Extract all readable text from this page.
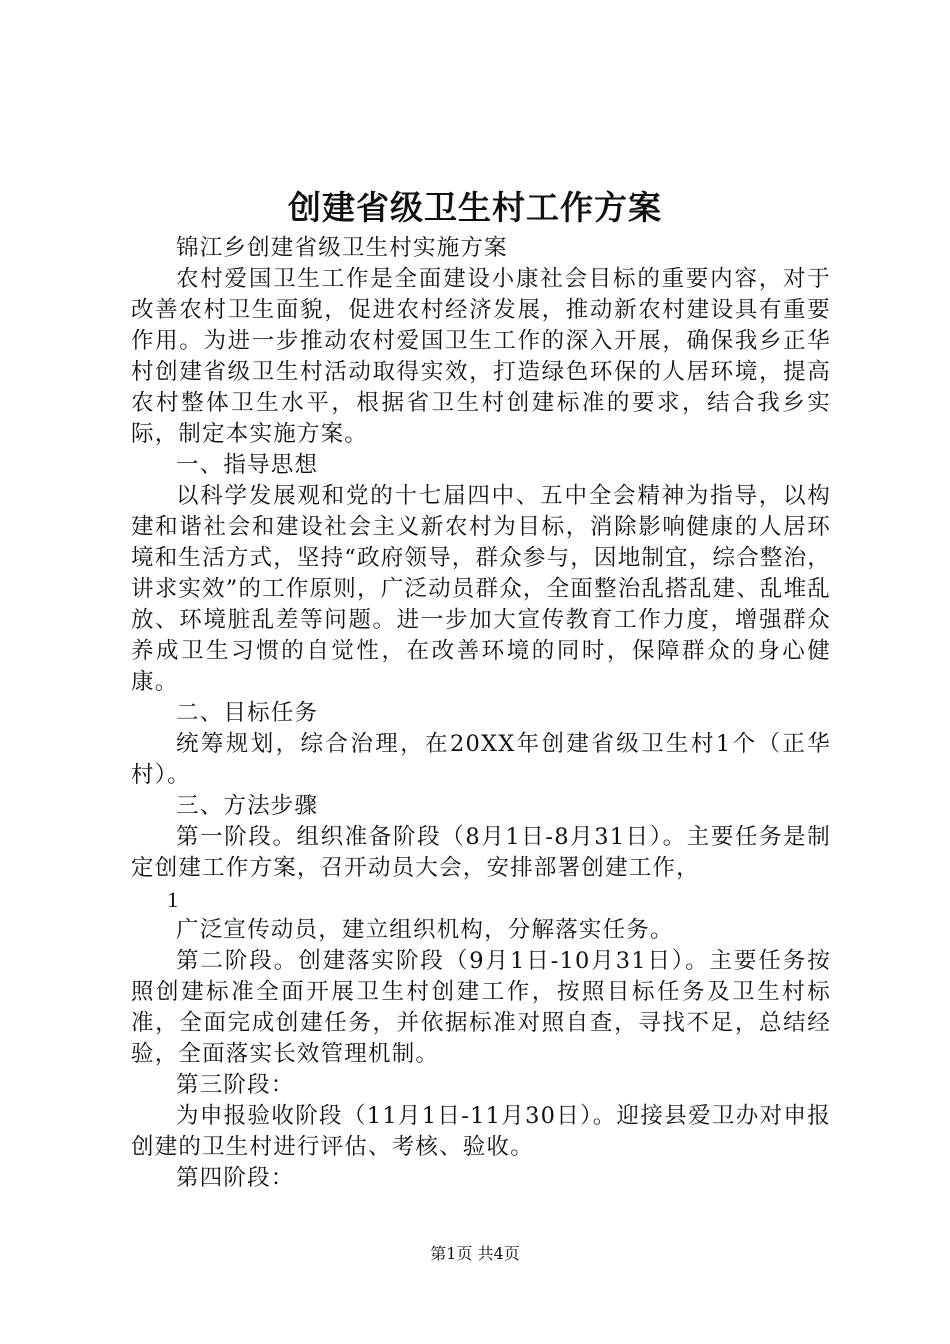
创建省级卫生村工作方案

锦江乡创建省级卫生村实施方案

农村爱国卫生工作是全面建设小康社会目标的重要内容，对于改善农村卫生面貌，促进农村经济发展，推动新农村建设具有重要作用。为进一步推动农村爱国卫生工作的深入开展，确保我乡正华村创建省级卫生村活动取得实效，打造绿色环保的人居环境，提高农村整体卫生水平，根据省卫生村创建标准的要求，结合我乡实际，制定本实施方案。

一、指导思想

以科学发展观和党的十七届四中、五中全会精神为指导，以构建和谐社会和建设社会主义新农村为目标，消除影响健康的人居环境和生活方式，坚持“政府领导，群众参与，因地制宜，综合整治，讲求实效”的工作原则，广泛动员群众，全面整治乱搭乱建、乱堆乱放、环境脏乱差等问题。进一步加大宣传教育工作力度，增强群众养成卫生习惯的自觉性，在改善环境的同时，保障群众的身心健康。

二、目标任务

统筹规划，综合治理，在20XX年创建省级卫生村1个（正华村）。

三、方法步骤

第一阶段。组织准备阶段（8月1日-8月31日）。主要任务是制定创建工作方案，召开动员大会，安排部署创建工作，

1

广泛宣传动员，建立组织机构，分解落实任务。

第二阶段。创建落实阶段（9月1日-10月31日）。主要任务按照创建标准全面开展卫生村创建工作，按照目标任务及卫生村标准，全面完成创建任务，并依据标准对照自查，寻找不足，总结经验，全面落实长效管理机制。

第三阶段：

为申报验收阶段（11月1日-11月30日）。迎接县爱卫办对申报创建的卫生村进行评估、考核、验收。

第四阶段：

第1页 共4页
